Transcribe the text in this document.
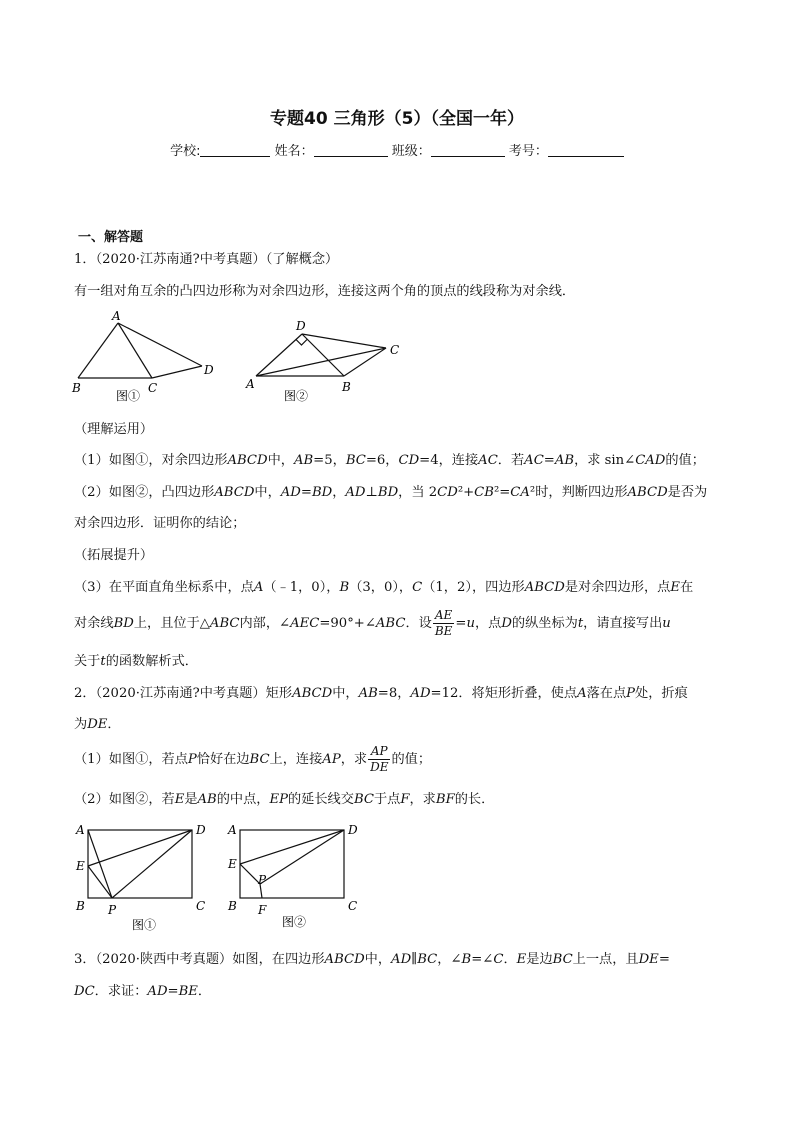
专题40 三角形（5）（全国一年）
学校:	姓名：	班级：	考号：
一、解答题
1．（2020·江苏南通?中考真题）（了解概念）
有一组对角互余的凸四边形称为对余四边形，连接这两个角的顶点的线段称为对余线．
A
B	C
D
图①
D
C
A	B
图②
（理解运用）
（1）如图①，对余四边形ABCD中，AB=5，BC=6，CD=4，连接AC．若AC=AB，求 sin∠CAD的值；
（2）如图②，凸四边形ABCD中，AD=BD，AD⊥BD，当 2CD²+CB²=CA²时，判断四边形ABCD是否为
对余四边形．证明你的结论；
（拓展提升）
（3）在平面直角坐标系中，点A（﹣1，0），B（3，0），C（1，2），四边形ABCD是对余四边形，点E在
对余线BD上，且位于△ABC内部，∠AEC=90°+∠ABC．设 $\frac{AE}{BE} =u$，点D的纵坐标为t，请直接写出u
关于t的函数解析式．
2．（2020·江苏南通?中考真题）矩形ABCD中，AB=8，AD=12．将矩形折叠，使点A落在点P处，折痕
为DE．
（1）如图①，若点P恰好在边BC上，连接AP，求 $\frac{AP}{DE}$ 的值；
（2）如图②，若E是AB的中点，EP的延长线交BC于点F，求BF的长．
A	D
E
B P	C
图①
A	D
E
P
B F	C
图②
3．（2020·陕西中考真题）如图，在四边形ABCD中，AD∥BC，∠B=∠C．E是边BC上一点，且DE=
DC．求证：AD=BE．
